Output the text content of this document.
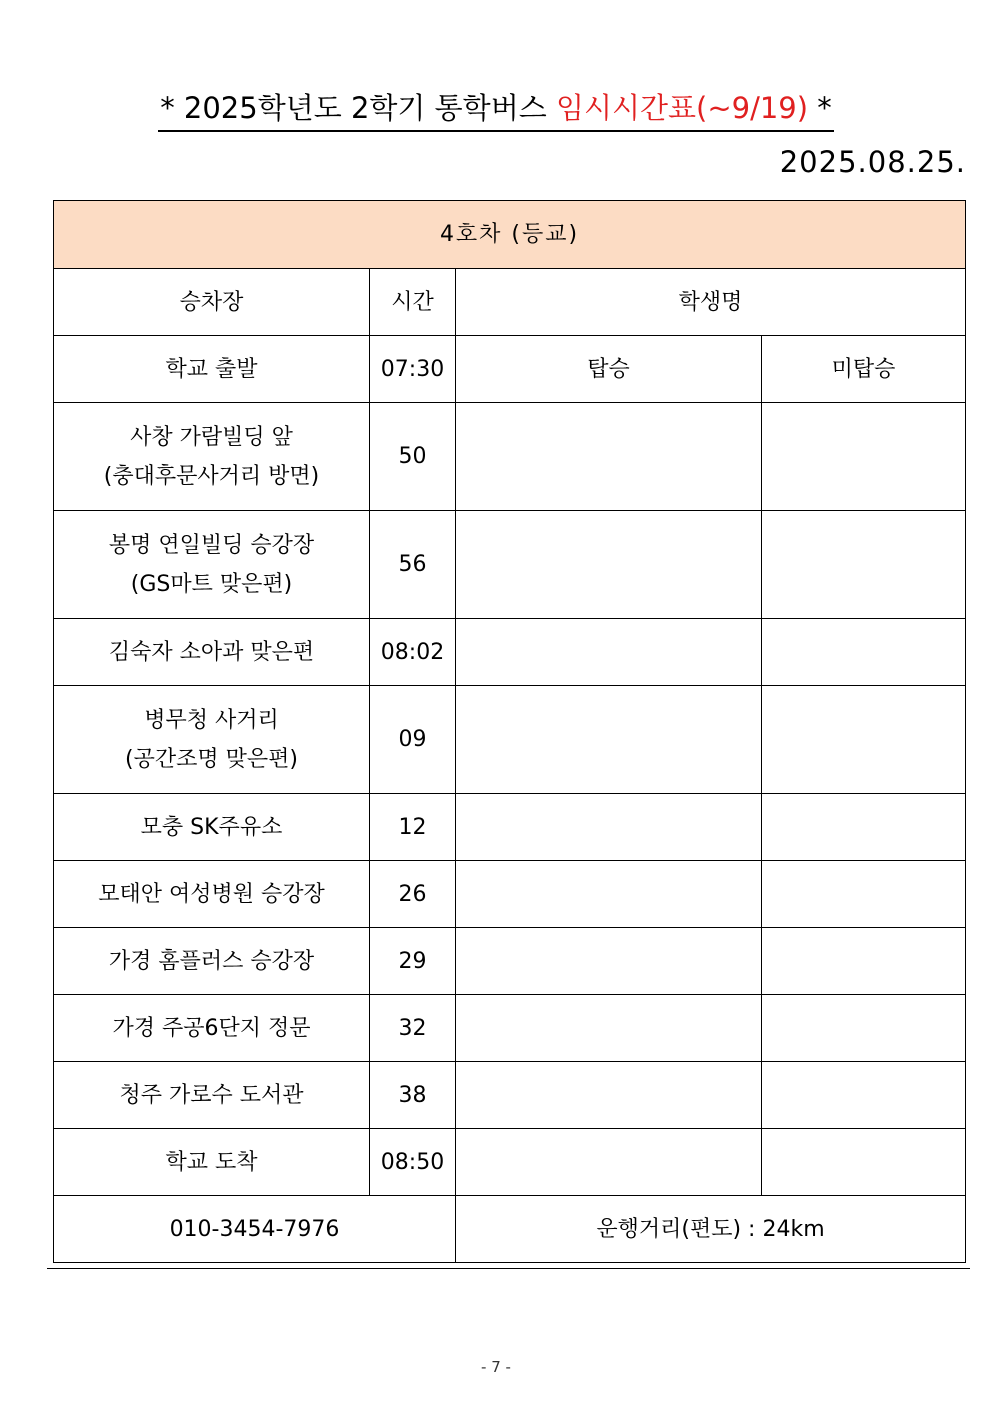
* 2025학년도 2학기 통학버스 임시시간표(~9/19) *
2025.08.25.
4호차 (등교)			
승차장	시간	학생명	
학교 출발	07:30	탑승	미탑승

사창 가람빌딩 앞
(충대후문사거리 방면)	50		

봉명 연일빌딩 승강장
(GS마트 맞은편)	56		

김숙자 소아과 맞은편	08:02		

병무청 사거리
(공간조명 맞은편)	09		

모충 SK주유소	12		

모태안 여성병원 승강장	26		

가경 홈플러스 승강장	29		

가경 주공6단지 정문	32		

청주 가로수 도서관	38		

학교 도착	08:50		
010-3454-7976		운행거리(편도) : 24km	
- 7 -
